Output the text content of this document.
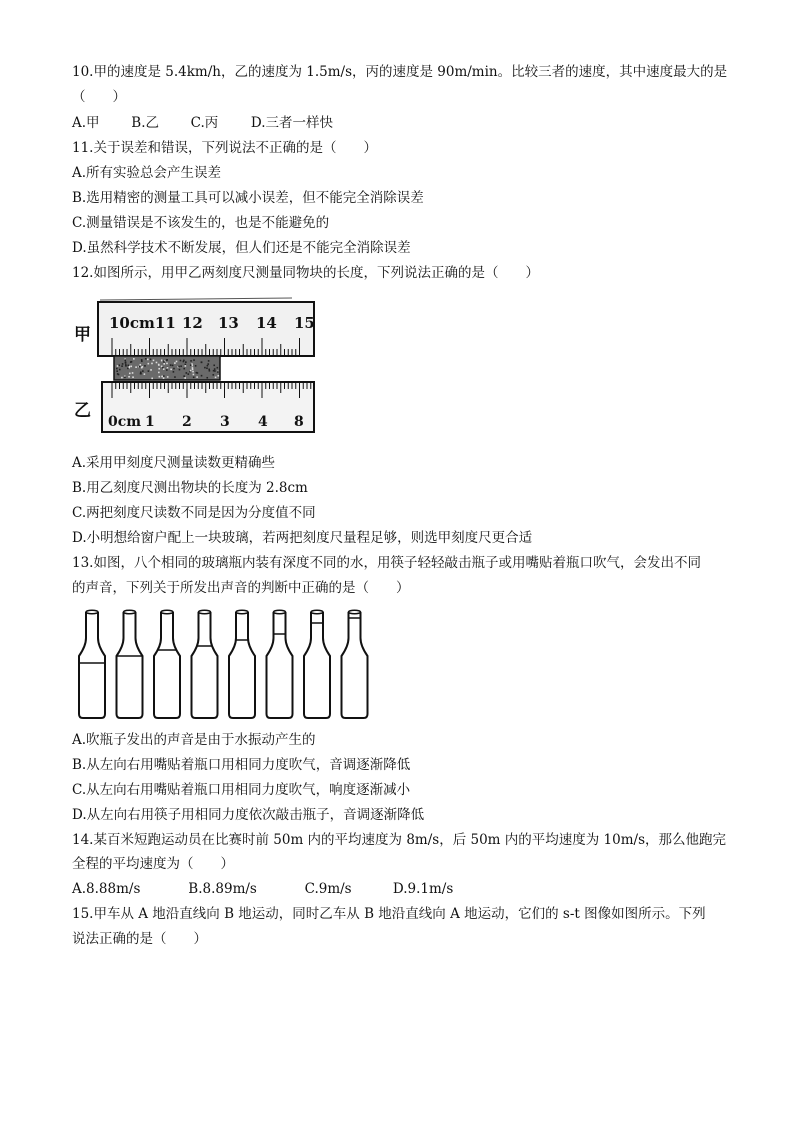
10.甲的速度是 5.4km/h，乙的速度为 1.5m/s，丙的速度是 90m/min。比较三者的速度，其中速度最大的是
（　　）
A.甲 B.乙 C.丙 D.三者一样快
11.关于误差和错误，下列说法不正确的是（　　）
A.所有实验总会产生误差
B.选用精密的测量工具可以减小误差，但不能完全消除误差
C.测量错误是不该发生的，也是不能避免的
D.虽然科学技术不断发展，但人们还是不能完全消除误差
12.如图所示，用甲乙两刻度尺测量同物块的长度，下列说法正确的是（　　）
10cm11 12 13 14 15
甲
0cm 1 2 3 4 8
乙
A.采用甲刻度尺测量读数更精确些
B.用乙刻度尺测出物块的长度为 2.8cm
C.两把刻度尺读数不同是因为分度值不同
D.小明想给窗户配上一块玻璃，若两把刻度尺量程足够，则选甲刻度尺更合适
13.如图，八个相同的玻璃瓶内装有深度不同的水，用筷子轻轻敲击瓶子或用嘴贴着瓶口吹气，会发出不同
的声音，下列关于所发出声音的判断中正确的是（　　）
A.吹瓶子发出的声音是由于水振动产生的
B.从左向右用嘴贴着瓶口用相同力度吹气，音调逐渐降低
C.从左向右用嘴贴着瓶口用相同力度吹气，响度逐渐减小
D.从左向右用筷子用相同力度依次敲击瓶子，音调逐渐降低
14.某百米短跑运动员在比赛时前 50m 内的平均速度为 8m/s，后 50m 内的平均速度为 10m/s，那么他跑完
全程的平均速度为（　　）
A.8.88m/s	B.8.89m/s	C.9m/s	D.9.1m/s
15.甲车从 A 地沿直线向 B 地运动，同时乙车从 B 地沿直线向 A 地运动，它们的 s-t 图像如图所示。下列
说法正确的是（　　）
